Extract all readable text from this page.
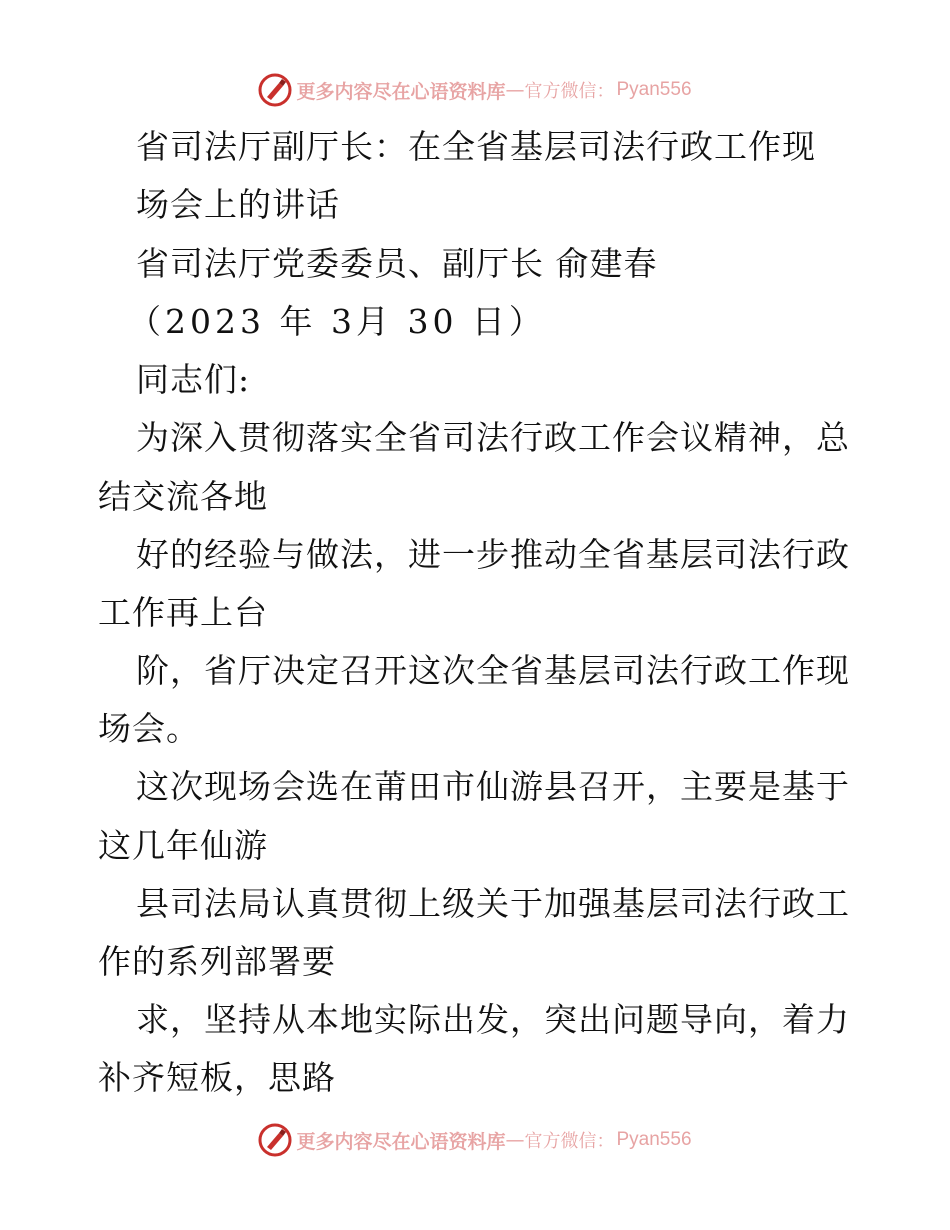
更多内容尽在心语资料库 — 官方微信： Pyan556
省司法厅副厅长：在全省基层司法行政工作现
场会上的讲话
省司法厅党委委员、副厅长 俞建春
（2023 年 3月 30 日）
同志们:
为深入贯彻落实全省司法行政工作会议精神，总
结交流各地
好的经验与做法，进一步推动全省基层司法行政
工作再上台
阶，省厅决定召开这次全省基层司法行政工作现
场会。
这次现场会选在莆田市仙游县召开，主要是基于
这几年仙游
县司法局认真贯彻上级关于加强基层司法行政工
作的系列部署要
求，坚持从本地实际出发，突出问题导向，着力
补齐短板，思路
更多内容尽在心语资料库 — 官方微信： Pyan556
